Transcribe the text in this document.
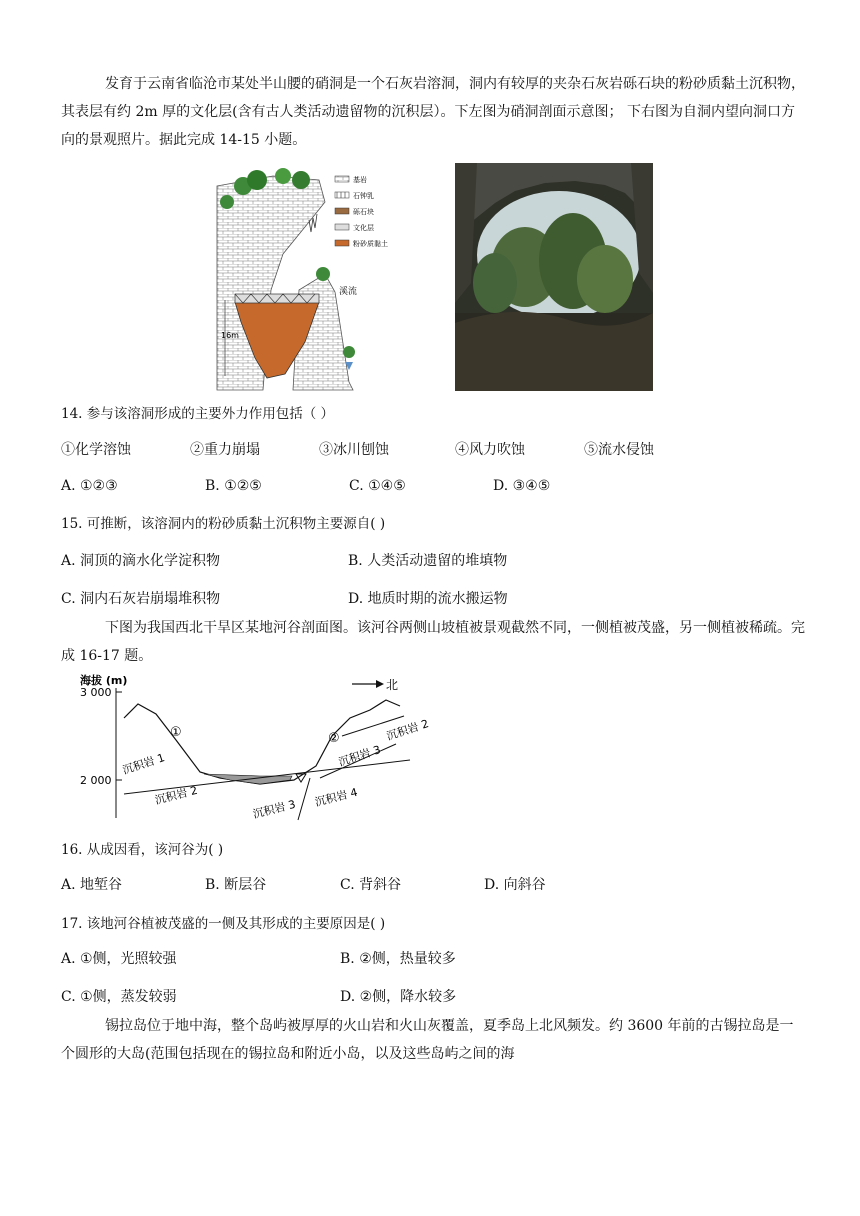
发育于云南省临沧市某处半山腰的硝洞是一个石灰岩溶洞，洞内有较厚的夹杂石灰岩砾石块的粉砂质黏土沉积物，其表层有约 2m 厚的文化层(含有古人类活动遗留物的沉积层）。下左图为硝洞剖面示意图； 下右图为自洞内望向洞口方向的景观照片。据此完成 14-15 小题。
溪流
16m
基岩
石钟乳
砾石块
文化层
粉砂质黏土
14. 参与该溶洞形成的主要外力作用包括（ ）
①化学溶蚀	②重力崩塌	③冰川刨蚀	④风力吹蚀	⑤流水侵蚀
A. ①②③	B. ①②⑤	C. ①④⑤	D. ③④⑤
15. 可推断，该溶洞内的粉砂质黏土沉积物主要源自( )
A. 洞顶的滴水化学淀积物	B. 人类活动遗留的堆填物
C. 洞内石灰岩崩塌堆积物	D. 地质时期的流水搬运物
下图为我国西北干旱区某地河谷剖面图。该河谷两侧山坡植被景观截然不同，一侧植被茂盛，另一侧植被稀疏。完成 16-17 题。
海拔 (m)
3 000
2 000
北
①	②
沉积岩 1
沉积岩 2
沉积岩 3
沉积岩 4
沉积岩 3
沉积岩 2
16. 从成因看，该河谷为( )
A. 地堑谷	B. 断层谷	C. 背斜谷	D. 向斜谷
17. 该地河谷植被茂盛的一侧及其形成的主要原因是( )
A. ①侧，光照较强	B. ②侧，热量较多
C. ①侧，蒸发较弱	D. ②侧，降水较多
锡拉岛位于地中海，整个岛屿被厚厚的火山岩和火山灰覆盖，夏季岛上北风频发。约 3600 年前的古锡拉岛是一个圆形的大岛(范围包括现在的锡拉岛和附近小岛，以及这些岛屿之间的海
